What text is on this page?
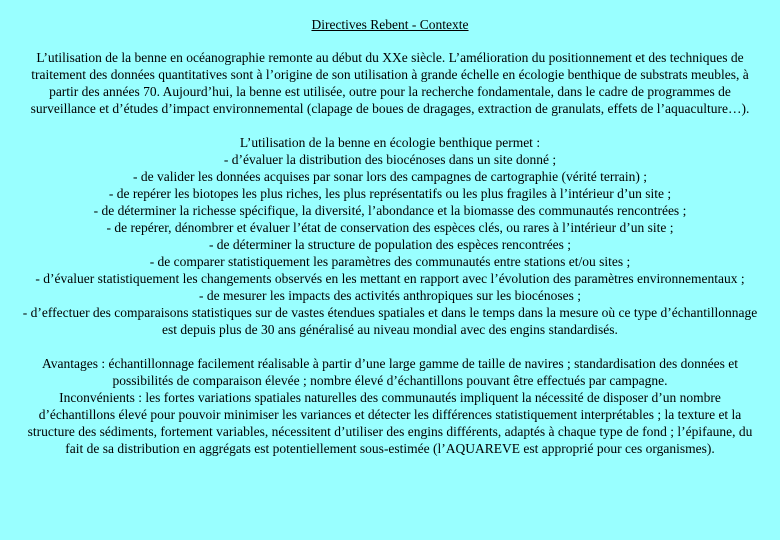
Directives Rebent - Contexte

L’utilisation de la benne en océanographie remonte au début du XXe siècle. L’amélioration du positionnement et des techniques de traitement des données quantitatives sont à l’origine de son utilisation à grande échelle en écologie benthique de substrats meubles, à partir des années 70. Aujourd’hui, la benne est utilisée, outre pour la recherche fondamentale, dans le cadre de programmes de surveillance et d’études d’impact environnemental (clapage de boues de dragages, extraction de granulats, effets de l’aquaculture…).

L’utilisation de la benne en écologie benthique permet :

- d’évaluer la distribution des biocénoses dans un site donné ;
- de valider les données acquises par sonar lors des campagnes de cartographie (vérité terrain) ;
- de repérer les biotopes les plus riches, les plus représentatifs ou les plus fragiles à l’intérieur d’un site ;
- de déterminer la richesse spécifique, la diversité, l’abondance et la biomasse des communautés rencontrées ;
- de repérer, dénombrer et évaluer l’état de conservation des espèces clés, ou rares à l’intérieur d’un site ;
- de déterminer la structure de population des espèces rencontrées ;
- de comparer statistiquement les paramètres des communautés entre stations et/ou sites ;
- d’évaluer statistiquement les changements observés en les mettant en rapport avec l’évolution des paramètres environnementaux ;
- de mesurer les impacts des activités anthropiques sur les biocénoses ;
- d’effectuer des comparaisons statistiques sur de vastes étendues spatiales et dans le temps dans la mesure où ce type d’échantillonnage est depuis plus de 30 ans généralisé au niveau mondial avec des engins standardisés.

Avantages : échantillonnage facilement réalisable à partir d’une large gamme de taille de navires ; standardisation des données et possibilités de comparaison élevée ; nombre élevé d’échantillons pouvant être effectués par campagne.
Inconvénients : les fortes variations spatiales naturelles des communautés impliquent la nécessité de disposer d’un nombre d’échantillons élevé pour pouvoir minimiser les variances et détecter les différences statistiquement interprétables ; la texture et la structure des sédiments, fortement variables, nécessitent d’utiliser des engins différents, adaptés à chaque type de fond ; l’épifaune, du fait de sa distribution en aggrégats est potentiellement sous-estimée (l’AQUAREVE est approprié pour ces organismes).
